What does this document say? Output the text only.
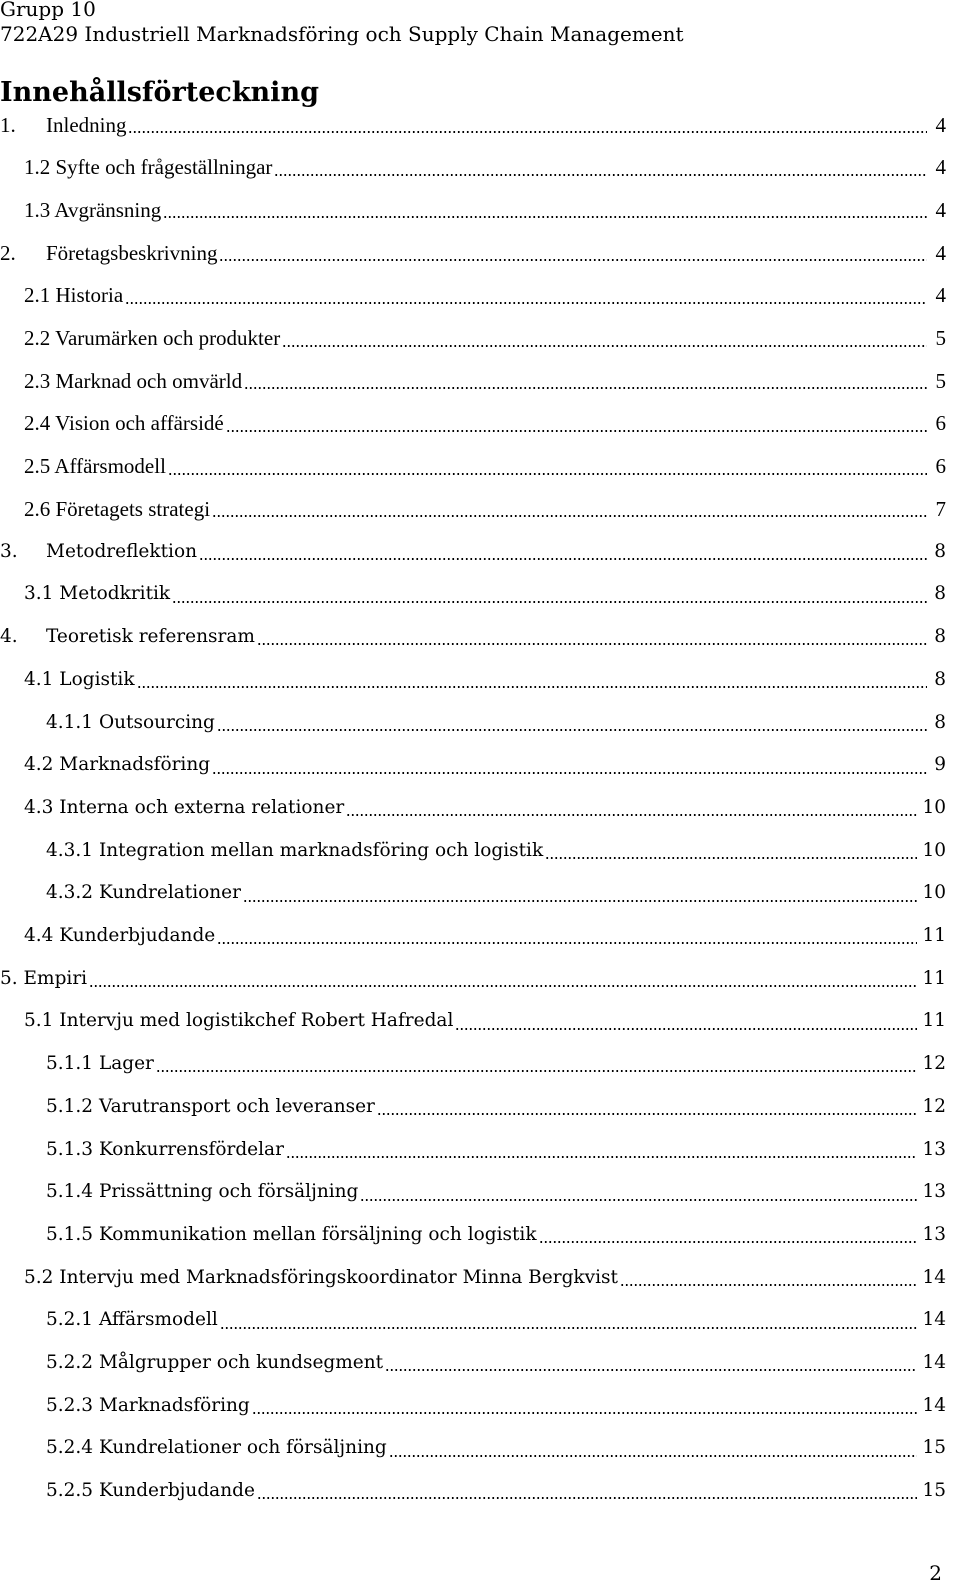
Grupp 10
722A29 Industriell Marknadsföring och Supply Chain Management
Innehållsförteckning
1.	Inledning	4
1.2 Syfte och frågeställningar	4
1.3 Avgränsning	4
2.	Företagsbeskrivning	4
2.1 Historia	4
2.2 Varumärken och produkter	5
2.3 Marknad och omvärld	5
2.4 Vision och affärsidé	6
2.5 Affärsmodell	6
2.6 Företagets strategi	7
3.	Metodreflektion	8
3.1 Metodkritik	8
4.	Teoretisk referensram	8
4.1 Logistik	8
4.1.1 Outsourcing	8
4.2 Marknadsföring	9
4.3 Interna och externa relationer	10
4.3.1 Integration mellan marknadsföring och logistik	10
4.3.2 Kundrelationer	10
4.4 Kunderbjudande	11
5. Empiri	11
5.1 Intervju med logistikchef Robert Hafredal	11
5.1.1 Lager	12
5.1.2 Varutransport och leveranser	12
5.1.3 Konkurrensfördelar	13
5.1.4 Prissättning och försäljning	13
5.1.5 Kommunikation mellan försäljning och logistik	13
5.2 Intervju med Marknadsföringskoordinator Minna Bergkvist	14
5.2.1 Affärsmodell	14
5.2.2 Målgrupper och kundsegment	14
5.2.3 Marknadsföring	14
5.2.4 Kundrelationer och försäljning	15
5.2.5 Kunderbjudande	15
2
